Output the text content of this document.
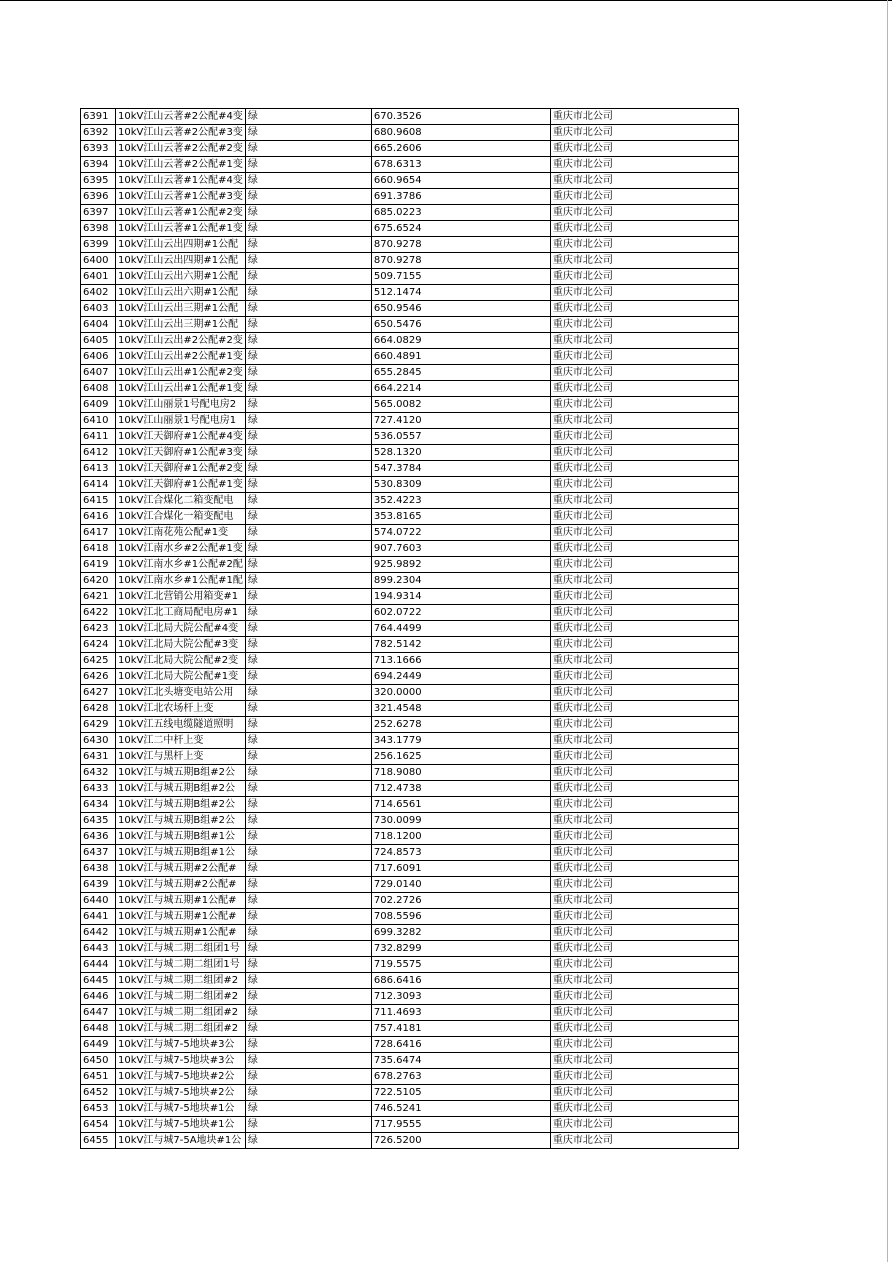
6391	10kV江山云著#2公配#4变	绿	670.3526	重庆市北公司
6392	10kV江山云著#2公配#3变	绿	680.9608	重庆市北公司
6393	10kV江山云著#2公配#2变	绿	665.2606	重庆市北公司
6394	10kV江山云著#2公配#1变	绿	678.6313	重庆市北公司
6395	10kV江山云著#1公配#4变	绿	660.9654	重庆市北公司
6396	10kV江山云著#1公配#3变	绿	691.3786	重庆市北公司
6397	10kV江山云著#1公配#2变	绿	685.0223	重庆市北公司
6398	10kV江山云著#1公配#1变	绿	675.6524	重庆市北公司
6399	10kV江山云出四期#1公配	绿	870.9278	重庆市北公司
6400	10kV江山云出四期#1公配	绿	870.9278	重庆市北公司
6401	10kV江山云出六期#1公配	绿	509.7155	重庆市北公司
6402	10kV江山云出六期#1公配	绿	512.1474	重庆市北公司
6403	10kV江山云出三期#1公配	绿	650.9546	重庆市北公司
6404	10kV江山云出三期#1公配	绿	650.5476	重庆市北公司
6405	10kV江山云出#2公配#2变	绿	664.0829	重庆市北公司
6406	10kV江山云出#2公配#1变	绿	660.4891	重庆市北公司
6407	10kV江山云出#1公配#2变	绿	655.2845	重庆市北公司
6408	10kV江山云出#1公配#1变	绿	664.2214	重庆市北公司
6409	10kV江山丽景1号配电房2	绿	565.0082	重庆市北公司
6410	10kV江山丽景1号配电房1	绿	727.4120	重庆市北公司
6411	10kV江天御府#1公配#4变	绿	536.0557	重庆市北公司
6412	10kV江天御府#1公配#3变	绿	528.1320	重庆市北公司
6413	10kV江天御府#1公配#2变	绿	547.3784	重庆市北公司
6414	10kV江天御府#1公配#1变	绿	530.8309	重庆市北公司
6415	10kV江合煤化二箱变配电	绿	352.4223	重庆市北公司
6416	10kV江合煤化一箱变配电	绿	353.8165	重庆市北公司
6417	10kV江南花苑公配#1变	绿	574.0722	重庆市北公司
6418	10kV江南水乡#2公配#1变	绿	907.7603	重庆市北公司
6419	10kV江南水乡#1公配#2配	绿	925.9892	重庆市北公司
6420	10kV江南水乡#1公配#1配	绿	899.2304	重庆市北公司
6421	10kV江北营销公用箱变#1	绿	194.9314	重庆市北公司
6422	10kV江北工商局配电房#1	绿	602.0722	重庆市北公司
6423	10kV江北局大院公配#4变	绿	764.4499	重庆市北公司
6424	10kV江北局大院公配#3变	绿	782.5142	重庆市北公司
6425	10kV江北局大院公配#2变	绿	713.1666	重庆市北公司
6426	10kV江北局大院公配#1变	绿	694.2449	重庆市北公司
6427	10kV江北头塘变电站公用	绿	320.0000	重庆市北公司
6428	10kV江北农场杆上变	绿	321.4548	重庆市北公司
6429	10kV江五线电缆隧道照明	绿	252.6278	重庆市北公司
6430	10kV江二中杆上变	绿	343.1779	重庆市北公司
6431	10kV江与黑杆上变	绿	256.1625	重庆市北公司
6432	10kV江与城五期B组#2公	绿	718.9080	重庆市北公司
6433	10kV江与城五期B组#2公	绿	712.4738	重庆市北公司
6434	10kV江与城五期B组#2公	绿	714.6561	重庆市北公司
6435	10kV江与城五期B组#2公	绿	730.0099	重庆市北公司
6436	10kV江与城五期B组#1公	绿	718.1200	重庆市北公司
6437	10kV江与城五期B组#1公	绿	724.8573	重庆市北公司
6438	10kV江与城五期#2公配#	绿	717.6091	重庆市北公司
6439	10kV江与城五期#2公配#	绿	729.0140	重庆市北公司
6440	10kV江与城五期#1公配#	绿	702.2726	重庆市北公司
6441	10kV江与城五期#1公配#	绿	708.5596	重庆市北公司
6442	10kV江与城五期#1公配#	绿	699.3282	重庆市北公司
6443	10kV江与城二期二组团1号	绿	732.8299	重庆市北公司
6444	10kV江与城二期二组团1号	绿	719.5575	重庆市北公司
6445	10kV江与城二期二组团#2	绿	686.6416	重庆市北公司
6446	10kV江与城二期二组团#2	绿	712.3093	重庆市北公司
6447	10kV江与城二期二组团#2	绿	711.4693	重庆市北公司
6448	10kV江与城二期二组团#2	绿	757.4181	重庆市北公司
6449	10kV江与城7-5地块#3公	绿	728.6416	重庆市北公司
6450	10kV江与城7-5地块#3公	绿	735.6474	重庆市北公司
6451	10kV江与城7-5地块#2公	绿	678.2763	重庆市北公司
6452	10kV江与城7-5地块#2公	绿	722.5105	重庆市北公司
6453	10kV江与城7-5地块#1公	绿	746.5241	重庆市北公司
6454	10kV江与城7-5地块#1公	绿	717.9555	重庆市北公司
6455	10kV江与城7-5A地块#1公	绿	726.5200	重庆市北公司
